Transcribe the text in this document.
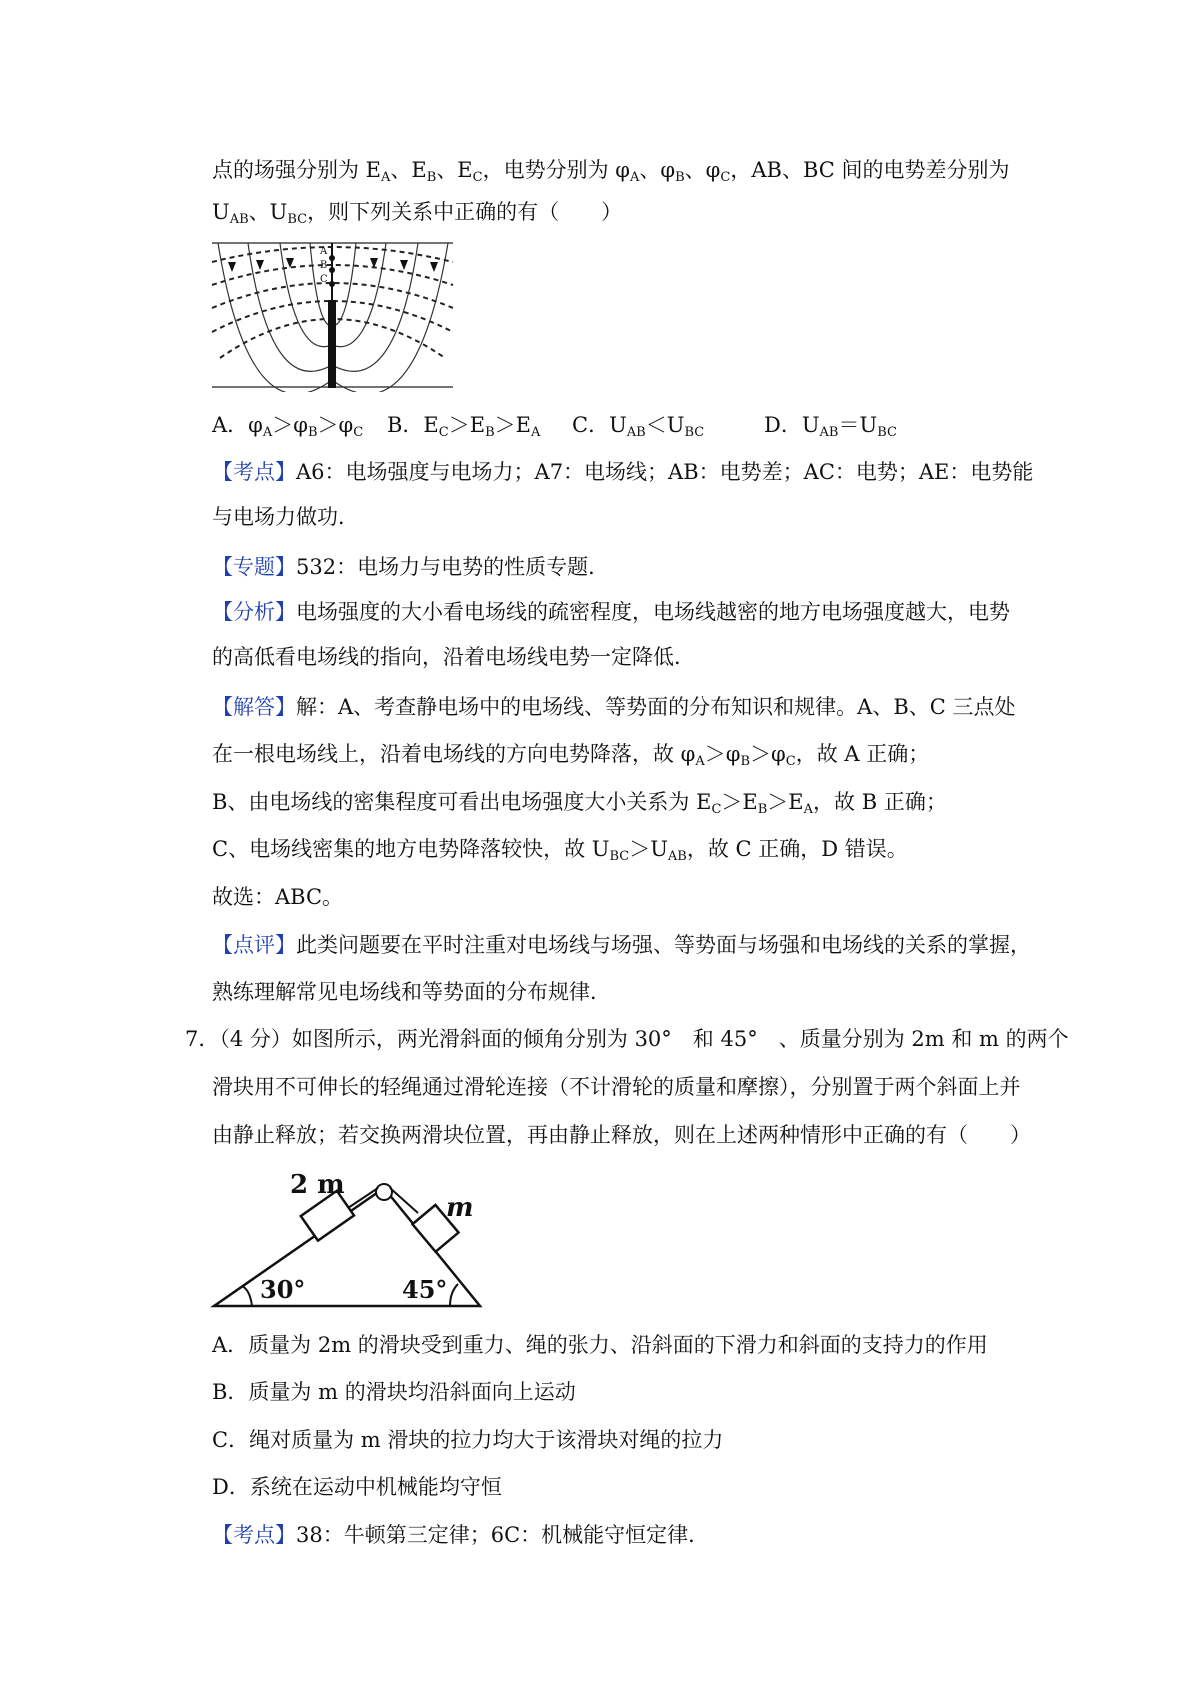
点的场强分别为 $E_A$、$E_B$、$E_C$，电势分别为 $\varphi_A$、$\varphi_B$、$\varphi_C$，AB、BC 间的电势差分别为
$U_{AB}$、$U_{BC}$，则下列关系中正确的有（　　）
A
B
C
A．$\varphi_A>\varphi_B>\varphi_C$ B．$E_C>E_B>E_A$ C．$U_{AB}<U_{BC}$	D．$U_{AB}=U_{BC}$
【考点】A6：电场强度与电场力；A7：电场线；AB：电势差；AC：电势；AE：电势能
与电场力做功．
【专题】532：电场力与电势的性质专题．
【分析】电场强度的大小看电场线的疏密程度，电场线越密的地方电场强度越大，电势
的高低看电场线的指向，沿着电场线电势一定降低．
【解答】解：A、考查静电场中的电场线、等势面的分布知识和规律。A、B、C 三点处
在一根电场线上，沿着电场线的方向电势降落，故 $\varphi_A>\varphi_B>\varphi_C$，故 A 正确；
B、由电场线的密集程度可看出电场强度大小关系为 $E_C>E_B>E_A$，故 B 正确；
C、电场线密集的地方电势降落较快，故 $U_{BC}>U_{AB}$，故 C 正确，D 错误。
故选：ABC。
【点评】此类问题要在平时注重对电场线与场强、等势面与场强和电场线的关系的掌握，
熟练理解常见电场线和等势面的分布规律．
7．（4 分）如图所示，两光滑斜面的倾角分别为 30°　和 45°　、质量分别为 2m 和 m 的两个
滑块用不可伸长的轻绳通过滑轮连接（不计滑轮的质量和摩擦），分别置于两个斜面上并
由静止释放；若交换两滑块位置，再由静止释放，则在上述两种情形中正确的有（　　）
2 m
m
30°	45°
A．质量为 2m 的滑块受到重力、绳的张力、沿斜面的下滑力和斜面的支持力的作用
B．质量为 m 的滑块均沿斜面向上运动
C．绳对质量为 m 滑块的拉力均大于该滑块对绳的拉力
D．系统在运动中机械能均守恒
【考点】38：牛顿第三定律；6C：机械能守恒定律．
